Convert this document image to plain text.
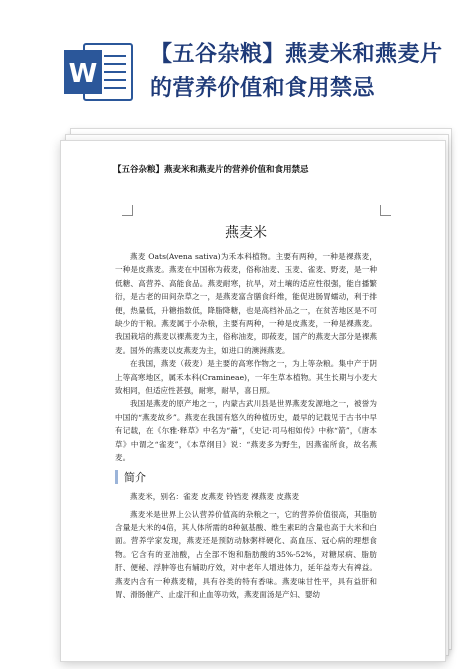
W
【五谷杂粮】燕麦米和燕麦片的营养价值和食用禁忌
【五谷杂粮】燕麦米和燕麦片的营养价值和食用禁忌
燕麦米

燕麦 Oats(Avena sativa)为禾本科植物。主要有两种，一种是裸燕麦，一种是皮燕麦。燕麦在中国称为莜麦，俗称油麦、玉麦、雀麦、野麦，是一种低糖、高营养、高能食品。燕麦耐寒，抗旱，对土壤的适应性很强，能自播繁衍，是古老的田间杂草之一，是燕麦富含膳食纤维，能促进肠胃蠕动，利于排便，热量低，升糖指数低，降脂降糖，也是高档补品之一，在贫苦地区是不可缺少的干粮。燕麦属于小杂粮，主要有两种，一种是皮燕麦，一种是裸燕麦。我国栽培的燕麦以裸燕麦为主，俗称油麦，即莜麦，国产的燕麦大部分是裸燕麦。国外的燕麦以皮燕麦为主，如进口的澳洲燕麦。

在我国，燕麦（莜麦）是主要的高寒作物之一，为上等杂粮。集中产于阴上等高寒地区，属禾本科(Cramineae)，一年生草本植物。其生长期与小麦大致相同，但适应性甚强，耐寒，耐旱，喜日照。

我国是燕麦的原产地之一，内蒙古武川县是世界燕麦发源地之一，被誉为中国的“燕麦故乡”。燕麦在我国有悠久的种植历史，最早的记载见于古书中早有记载，在《尔雅·释草》中名为“蘥”，《史记·司马相如传》中称“箭”，《唐本草》中谓之“雀麦”，《本草纲目》说：“燕麦多为野生，因燕雀所食，故名燕麦。

简介

燕麦米，别名：雀麦 皮燕麦 铃铛麦 裸燕麦 皮燕麦

燕麦米是世界上公认营养价值高的杂粮之一，它的营养价值很高，其脂肪含量是大米的4倍，其人体所需的8种氨基酸、维生素E的含量也高于大米和白面。营养学家发现，燕麦还是预防动脉粥样硬化、高血压、冠心病的理想食物。它含有的亚油酸，占全部不饱和脂肪酸的35%-52%，对糖尿病、脂肪肝、便秘、浮肿等也有辅助疗效，对中老年人增进体力，延年益寿大有裨益。燕麦内含有一种燕麦精，具有谷类的特有香味。燕麦味甘性平，具有益肝和胃、滑肠催产、止虚汗和止血等功效，燕麦面汤是产妇、婴幼
